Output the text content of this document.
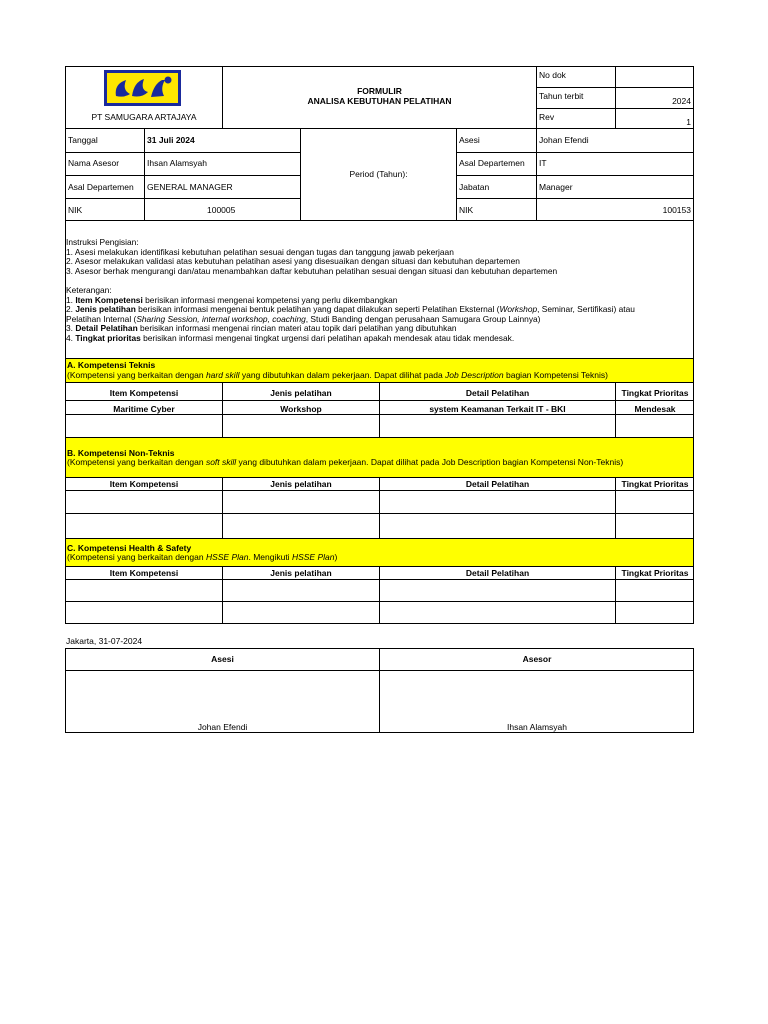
PT SAMUGARA ARTAJAYA
FORMULIR
ANALISA KEBUTUHAN PELATIHAN
No dok
Tahun terbit	2024
Rev	1
Tanggal	31 Juli 2024
Nama Asesor	Ihsan Alamsyah
Asal Departemen	GENERAL MANAGER
NIK	100005
Period (Tahun):
Asesi	Johan Efendi
Asal Departemen	IT
Jabatan	Manager
NIK	100153

Instruksi Pengisian:

1. Asesi melakukan identifikasi kebutuhan pelatihan sesuai dengan tugas dan tanggung jawab pekerjaan

2. Asesor melakukan validasi atas kebutuhan pelatihan asesi yang disesuaikan dengan situasi dan kebutuhan departemen

3. Asesor berhak mengurangi dan/atau menambahkan daftar kebutuhan pelatihan sesuai dengan situasi dan kebutuhan departemen

Keterangan:

1. Item Kompetensi berisikan informasi mengenai kompetensi yang perlu dikembangkan

2. Jenis pelatihan berisikan informasi mengenai bentuk pelatihan yang dapat dilakukan seperti Pelatihan Eksternal (Workshop, Seminar, Sertifikasi) atau

Pelatihan Internal (Sharing Session, internal workshop, coaching, Studi Banding dengan perusahaan Samugara Group Lainnya)

3. Detail Pelatihan berisikan informasi mengenai rincian materi atau topik dari pelatihan yang dibutuhkan

4. Tingkat prioritas berisikan informasi mengenai tingkat urgensi dari pelatihan apakah mendesak atau tidak mendesak.

A. Kompetensi Teknis
(Kompetensi yang berkaitan dengan hard skill yang dibutuhkan dalam pekerjaan. Dapat dilihat pada Job Description bagian Kompetensi Teknis)
Item Kompetensi	Jenis pelatihan	Detail Pelatihan	Tingkat Prioritas
Maritime Cyber	Workshop	system Keamanan Terkait IT - BKI	Mendesak
B. Kompetensi Non-Teknis
(Kompetensi yang berkaitan dengan soft skill yang dibutuhkan dalam pekerjaan. Dapat dilihat pada Job Description bagian Kompetensi Non-Teknis)
Item Kompetensi	Jenis pelatihan	Detail Pelatihan	Tingkat Prioritas
C. Kompetensi Health & Safety
(Kompetensi yang berkaitan dengan HSSE Plan. Mengikuti HSSE Plan)
Item Kompetensi	Jenis pelatihan	Detail Pelatihan	Tingkat Prioritas
Jakarta, 31-07-2024
Asesi	Asesor
Johan Efendi	Ihsan Alamsyah
